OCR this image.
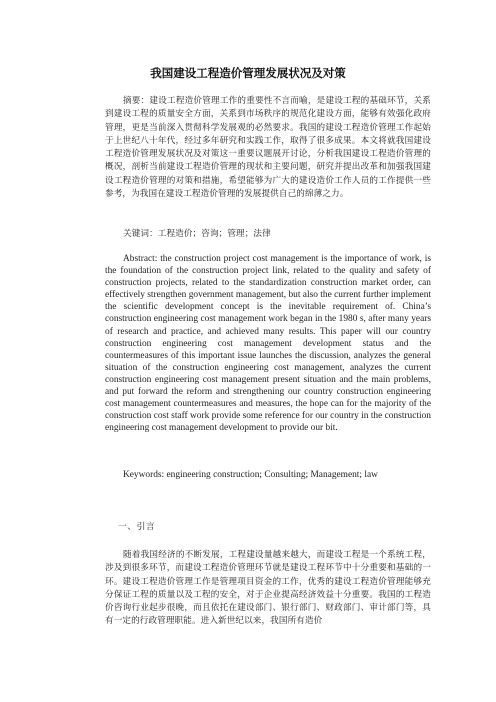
我国建设工程造价管理发展状况及对策

摘要：建设工程造价管理工作的重要性不言而喻，是建设工程的基础环节，关系到建设工程的质量安全方面，关系到市场秩序的规范化建设方面，能够有效强化政府管理，更是当前深入贯彻科学发展观的必然要求。我国的建设工程造价管理工作起始于上世纪八十年代，经过多年研究和实践工作，取得了很多成果。本文将就我国建设工程造价管理发展状况及对策这一重要议题展开讨论，分析我国建设工程造价管理的概况，剖析当前建设工程造价管理的现状和主要问题，研究并提出改革和加强我国建设工程造价管理的对策和措施，希望能够为广大的建设造价工作人员的工作提供一些参考，为我国在建设工程造价管理的发展提供自己的绵薄之力。

关键词：工程造价；咨询；管理；法律

Abstract: the construction project cost management is the importance of work, is the foundation of the construction project link, related to the quality and safety of construction projects, related to the standardization construction market order, can effectively strengthen government management, but also the current further implement the scientific development concept is the inevitable requirement of. China’s construction engineering cost management work began in the 1980 s, after many years of research and practice, and achieved many results. This paper will our country construction engineering cost management development status and the countermeasures of this important issue launches the discussion, analyzes the general situation of the construction engineering cost management, analyzes the current construction engineering cost management present situation and the main problems, and put forward the reform and strengthening our country construction engineering cost management countermeasures and measures, the hope can for the majority of the construction cost staff work provide some reference for our country in the construction engineering cost management development to provide our bit.

Keywords: engineering construction; Consulting; Management; law

一、引言

随着我国经济的不断发展，工程建设量越来越大，而建设工程是一个系统工程，涉及到很多环节，而建设工程造价管理环节就是建设工程环节中十分重要和基础的一环。建设工程造价管理工作是管理项目资金的工作，优秀的建设工程造价管理能够充分保证工程的质量以及工程的安全，对于企业提高经济效益十分重要。我国的工程造价咨询行业起步很晚，而且依托在建设部门、银行部门、财政部门、审计部门等，具有一定的行政管理职能。进入新世纪以来，我国所有造价
